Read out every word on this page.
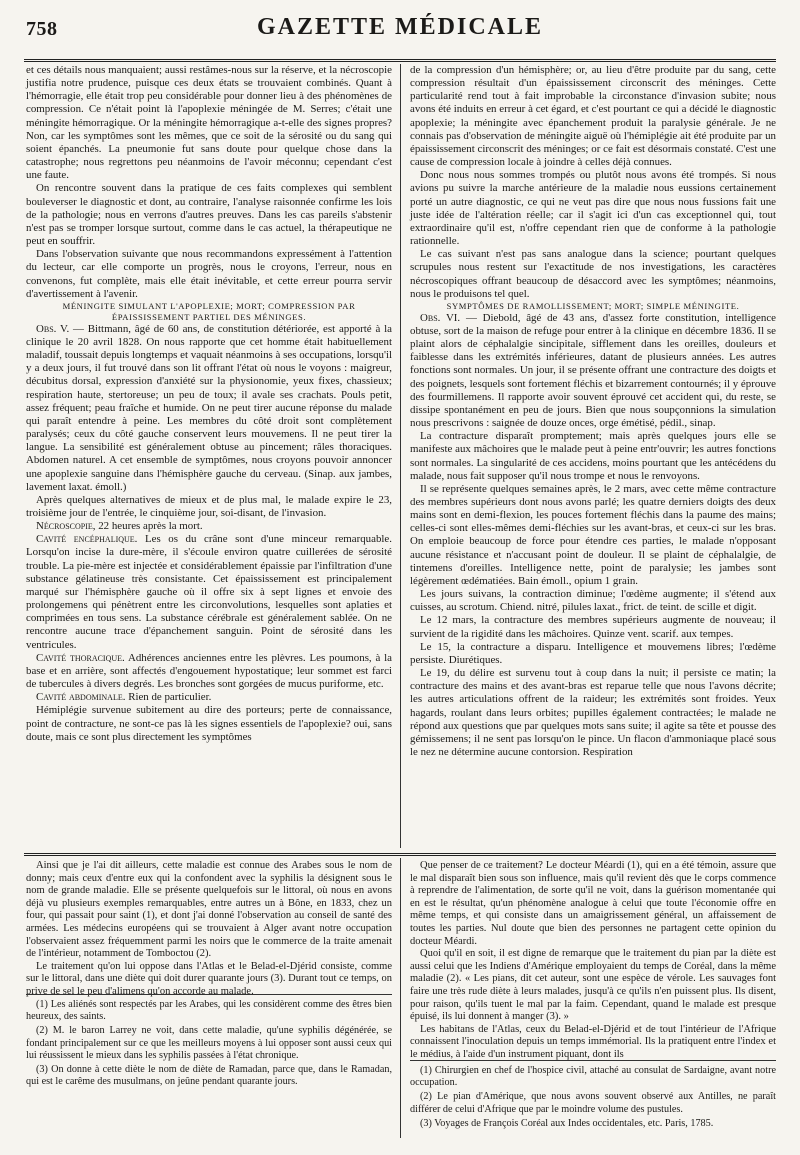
758	GAZETTE MÉDICALE

et ces détails nous manquaient; aussi restâmes-nous sur la réserve, et la nécroscopie justifia notre prudence, puisque ces deux états se trouvaient combinés. Quant à l'hémorragie, elle était trop peu considérable pour donner lieu à des phénomènes de compression. Ce n'était point là l'apoplexie méningée de M. Serres; c'était une méningite hémorragique. Or la méningite hémorragique a-t-elle des signes propres? Non, car les symptômes sont les mêmes, que ce soit de la sérosité ou du sang qui soient épanchés. La pneumonie fut sans doute pour quelque chose dans la catastrophe; nous regrettons peu néanmoins de l'avoir méconnu; cependant c'est une faute.

On rencontre souvent dans la pratique de ces faits complexes qui semblent bouleverser le diagnostic et dont, au contraire, l'analyse raisonnée confirme les lois de la pathologie; nous en verrons d'autres preuves. Dans les cas pareils s'abstenir n'est pas se tromper lorsque surtout, comme dans le cas actuel, la thérapeutique ne peut en souffrir.

Dans l'observation suivante que nous recommandons expressément à l'attention du lecteur, car elle comporte un progrès, nous le croyons, l'erreur, nous en convenons, fut complète, mais elle était inévitable, et cette erreur pourra servir d'avertissement à l'avenir.

MÉNINGITE SIMULANT L'APOPLEXIE; MORT; COMPRESSION PAR ÉPAISSISSEMENT PARTIEL DES MÉNINGES.

Obs. V. — Bittmann, âgé de 60 ans, de constitution détériorée, est apporté à la clinique le 20 avril 1828. On nous rapporte que cet homme était habituellement maladif, toussait depuis longtemps et vaquait néanmoins à ses occupations, lorsqu'il y a deux jours, il fut trouvé dans son lit offrant l'état où nous le voyons : maigreur, décubitus dorsal, expression d'anxiété sur la physionomie, yeux fixes, chassieux; respiration haute, stertoreuse; un peu de toux; il avale ses crachats. Pouls petit, assez fréquent; peau fraîche et humide. On ne peut tirer aucune réponse du malade qui paraît entendre à peine. Les membres du côté droit sont complètement paralysés; ceux du côté gauche conservent leurs mouvemens. Il ne peut tirer la langue. La sensibilité est généralement obtuse au pincement; râles thoraciques. Abdomen naturel. A cet ensemble de symptômes, nous croyons pouvoir annoncer une apoplexie sanguine dans l'hémisphère gauche du cerveau. (Sinap. aux jambes, lavement laxat. émoll.)

Après quelques alternatives de mieux et de plus mal, le malade expire le 23, troisième jour de l'entrée, le cinquième jour, soi-disant, de l'invasion.

Nécroscopie, 22 heures après la mort.

Cavité encéphalique. Les os du crâne sont d'une minceur remarquable. Lorsqu'on incise la dure-mère, il s'écoule environ quatre cuillerées de sérosité trouble. La pie-mère est injectée et considérablement épaissie par l'infiltration d'une substance gélatineuse très consistante. Cet épaississement est principalement marqué sur l'hémisphère gauche où il offre six à sept lignes et envoie des prolongemens qui pénètrent entre les circonvolutions, lesquelles sont aplaties et comprimées en tous sens. La substance cérébrale est généralement sablée. On ne rencontre aucune trace d'épanchement sanguin. Point de sérosité dans les ventricules.

Cavité thoracique. Adhérences anciennes entre les plèvres. Les poumons, à la base et en arrière, sont affectés d'engouement hypostatique; leur sommet est farci de tubercules à divers degrés. Les bronches sont gorgées de mucus puriforme, etc.

Cavité abdominale. Rien de particulier.

Hémiplégie survenue subitement au dire des porteurs; perte de connaissance, point de contracture, ne sont-ce pas là les signes essentiels de l'apoplexie? oui, sans doute, mais ce sont plus directement les symptômes

de la compression d'un hémisphère; or, au lieu d'être produite par du sang, cette compression résultait d'un épaississement circonscrit des méninges. Cette particularité rend tout à fait improbable la circonstance d'invasion subite; nous avons été induits en erreur à cet égard, et c'est pourtant ce qui a décidé le diagnostic apoplexie; la méningite avec épanchement produit la paralysie générale. Je ne connais pas d'observation de méningite aiguë où l'hémiplégie ait été produite par un épaississement circonscrit des méninges; or ce fait est désormais constaté. C'est une cause de compression locale à joindre à celles déjà connues.

Donc nous nous sommes trompés ou plutôt nous avons été trompés. Si nous avions pu suivre la marche antérieure de la maladie nous eussions certainement porté un autre diagnostic, ce qui ne veut pas dire que nous nous fussions fait une juste idée de l'altération réelle; car il s'agit ici d'un cas exceptionnel qui, tout extraordinaire qu'il est, n'offre cependant rien que de conforme à la pathologie rationnelle.

Le cas suivant n'est pas sans analogue dans la science; pourtant quelques scrupules nous restent sur l'exactitude de nos investigations, les caractères nécroscopiques offrant beaucoup de désaccord avec les symptômes; néanmoins, nous le produisons tel quel.

SYMPTÔMES DE RAMOLLISSEMENT; MORT; SIMPLE MÉNINGITE.

Obs. VI. — Diebold, âgé de 43 ans, d'assez forte constitution, intelligence obtuse, sort de la maison de refuge pour entrer à la clinique en décembre 1836. Il se plaint alors de céphalalgie sincipitale, sifflement dans les oreilles, douleurs et faiblesse dans les extrémités inférieures, datant de plusieurs années. Les autres fonctions sont normales. Un jour, il se présente offrant une contracture des doigts et des poignets, lesquels sont fortement fléchis et bizarrement contournés; il y éprouve des fourmillemens. Il rapporte avoir souvent éprouvé cet accident qui, du reste, se dissipe spontanément en peu de jours. Bien que nous soupçonnions la simulation nous prescrivons : saignée de douze onces, orge émétisé, pédil., sinap.

La contracture disparaît promptement; mais après quelques jours elle se manifeste aux mâchoires que le malade peut à peine entr'ouvrir; les autres fonctions sont normales. La singularité de ces accidens, moins pourtant que les antécédens du malade, nous fait supposer qu'il nous trompe et nous le renvoyons.

Il se représente quelques semaines après, le 2 mars, avec cette même contracture des membres supérieurs dont nous avons parlé; les quatre derniers doigts des deux mains sont en demi-flexion, les pouces fortement fléchis dans la paume des mains; celles-ci sont elles-mêmes demi-fléchies sur les avant-bras, et ceux-ci sur les bras. On emploie beaucoup de force pour étendre ces parties, le malade n'opposant aucune résistance et n'accusant point de douleur. Il se plaint de céphalalgie, de tintemens d'oreilles. Intelligence nette, point de paralysie; les jambes sont légèrement œdématiées. Bain émoll., opium 1 grain.

Les jours suivans, la contraction diminue; l'œdème augmente; il s'étend aux cuisses, au scrotum. Chiend. nitré, pilules laxat., frict. de teint. de scille et digit.

Le 12 mars, la contracture des membres supérieurs augmente de nouveau; il survient de la rigidité dans les mâchoires. Quinze vent. scarif. aux tempes.

Le 15, la contracture a disparu. Intelligence et mouvemens libres; l'œdème persiste. Diurétiques.

Le 19, du délire est survenu tout à coup dans la nuit; il persiste ce matin; la contracture des mains et des avant-bras est reparue telle que nous l'avons décrite; les autres articulations offrent de la raideur; les extrémités sont froides. Yeux hagards, roulant dans leurs orbites; pupilles également contractées; le malade ne répond aux questions que par quelques mots sans suite; il agite sa tête et pousse des gémissemens; il ne sent pas lorsqu'on le pince. Un flacon d'ammoniaque placé sous le nez ne détermine aucune contorsion. Respiration

Ainsi que je l'ai dit ailleurs, cette maladie est connue des Arabes sous le nom de donny; mais ceux d'entre eux qui la confondent avec la syphilis la désignent sous le nom de grande maladie. Elle se présente quelquefois sur le littoral, où nous en avons déjà vu plusieurs exemples remarquables, entre autres un à Bône, en 1833, chez un four, qui passait pour saint (1), et dont j'ai donné l'observation au conseil de santé des armées. Les médecins européens qui se trouvaient à Alger avant notre occupation l'observaient assez fréquemment parmi les noirs que le commerce de la traite amenait de l'intérieur, notamment de Tomboctou (2).

Le traitement qu'on lui oppose dans l'Atlas et le Belad-el-Djérid consiste, comme sur le littoral, dans une diète qui doit durer quarante jours (3). Durant tout ce temps, on prive de sel le peu d'alimens qu'on accorde au malade.

(1) Les aliénés sont respectés par les Arabes, qui les considèrent comme des êtres bien heureux, des saints.

(2) M. le baron Larrey ne voit, dans cette maladie, qu'une syphilis dégénérée, se fondant principalement sur ce que les meilleurs moyens à lui opposer sont aussi ceux qui lui réussissent le mieux dans les syphilis passées à l'état chronique.

(3) On donne à cette diète le nom de diète de Ramadan, parce que, dans le Ramadan, qui est le carême des musulmans, on jeûne pendant quarante jours.

Que penser de ce traitement? Le docteur Méardi (1), qui en a été témoin, assure que le mal disparaît bien sous son influence, mais qu'il revient dès que le corps commence à reprendre de l'alimentation, de sorte qu'il ne voit, dans la guérison momentanée qui en est le résultat, qu'un phénomène analogue à celui que toute l'économie offre en même temps, et qui consiste dans un amaigrissement général, un affaissement de toutes les parties. Nul doute que bien des personnes ne partagent cette opinion du docteur Méardi.

Quoi qu'il en soit, il est digne de remarque que le traitement du pian par la diète est aussi celui que les Indiens d'Amérique employaient du temps de Coréal, dans la même maladie (2). « Les pians, dit cet auteur, sont une espèce de vérole. Les sauvages font faire une très rude diète à leurs malades, jusqu'à ce qu'ils n'en puissent plus. Ils disent, pour raison, qu'ils tuent le mal par la faim. Cependant, quand le malade est presque épuisé, ils lui donnent à manger (3). »

Les habitans de l'Atlas, ceux du Belad-el-Djérid et de tout l'intérieur de l'Afrique connaissent l'inoculation depuis un temps immémorial. Ils la pratiquent entre l'index et le médius, à l'aide d'un instrument piquant, dont ils

(1) Chirurgien en chef de l'hospice civil, attaché au consulat de Sardaigne, avant notre occupation.

(2) Le pian d'Amérique, que nous avons souvent observé aux Antilles, ne paraît différer de celui d'Afrique que par le moindre volume des pustules.

(3) Voyages de François Coréal aux Indes occidentales, etc. Paris, 1785.
